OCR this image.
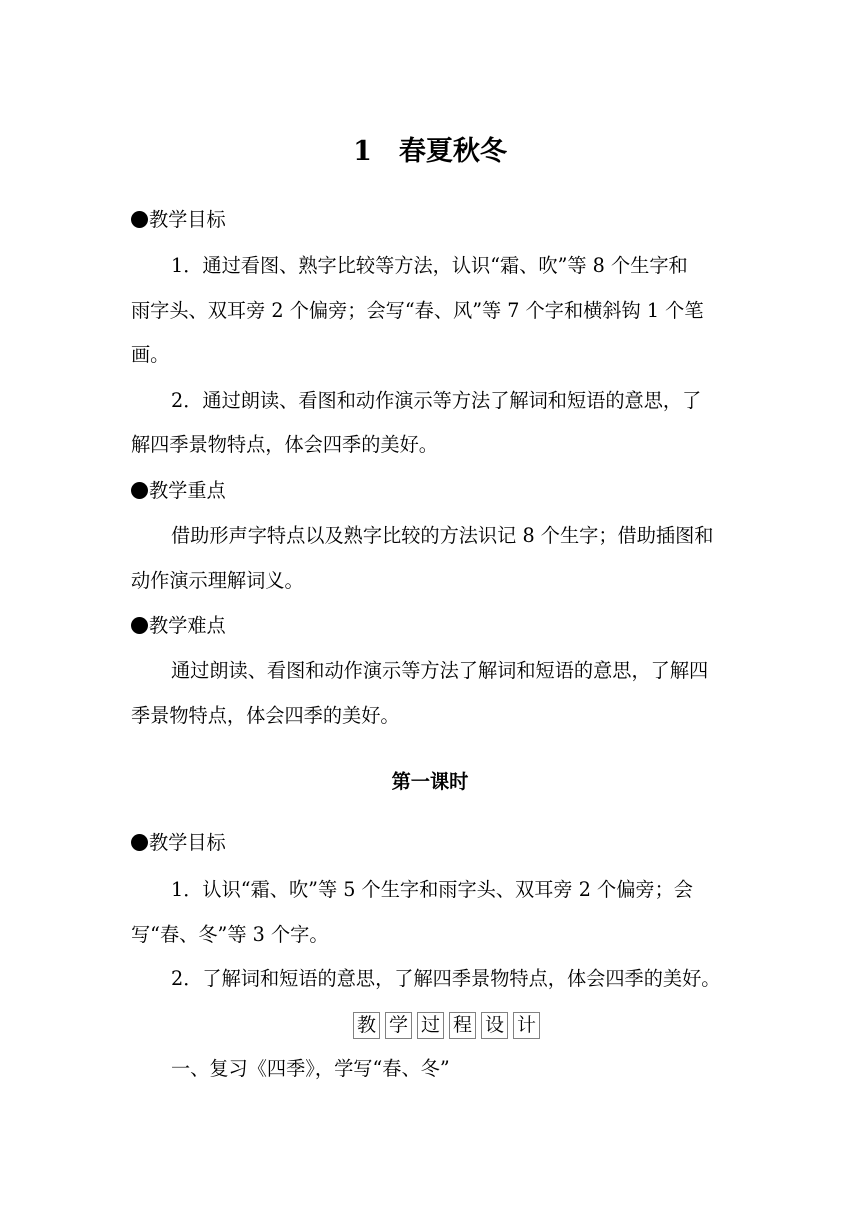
1　春夏秋冬
教学目标
1．通过看图、熟字比较等方法，认识“霜、吹”等 8 个生字和
雨字头、双耳旁 2 个偏旁；会写“春、风”等 7 个字和横斜钩 1 个笔
画。
2．通过朗读、看图和动作演示等方法了解词和短语的意思，了
解四季景物特点，体会四季的美好。
教学重点
借助形声字特点以及熟字比较的方法识记 8 个生字；借助插图和
动作演示理解词义。
教学难点
通过朗读、看图和动作演示等方法了解词和短语的意思，了解四
季景物特点，体会四季的美好。
第一课时
教学目标
1．认识“霜、吹”等 5 个生字和雨字头、双耳旁 2 个偏旁；会
写“春、冬”等 3 个字。
2．了解词和短语的意思，了解四季景物特点，体会四季的美好。
教 学 过 程 设 计
一、复习《四季》，学写“春、冬”
